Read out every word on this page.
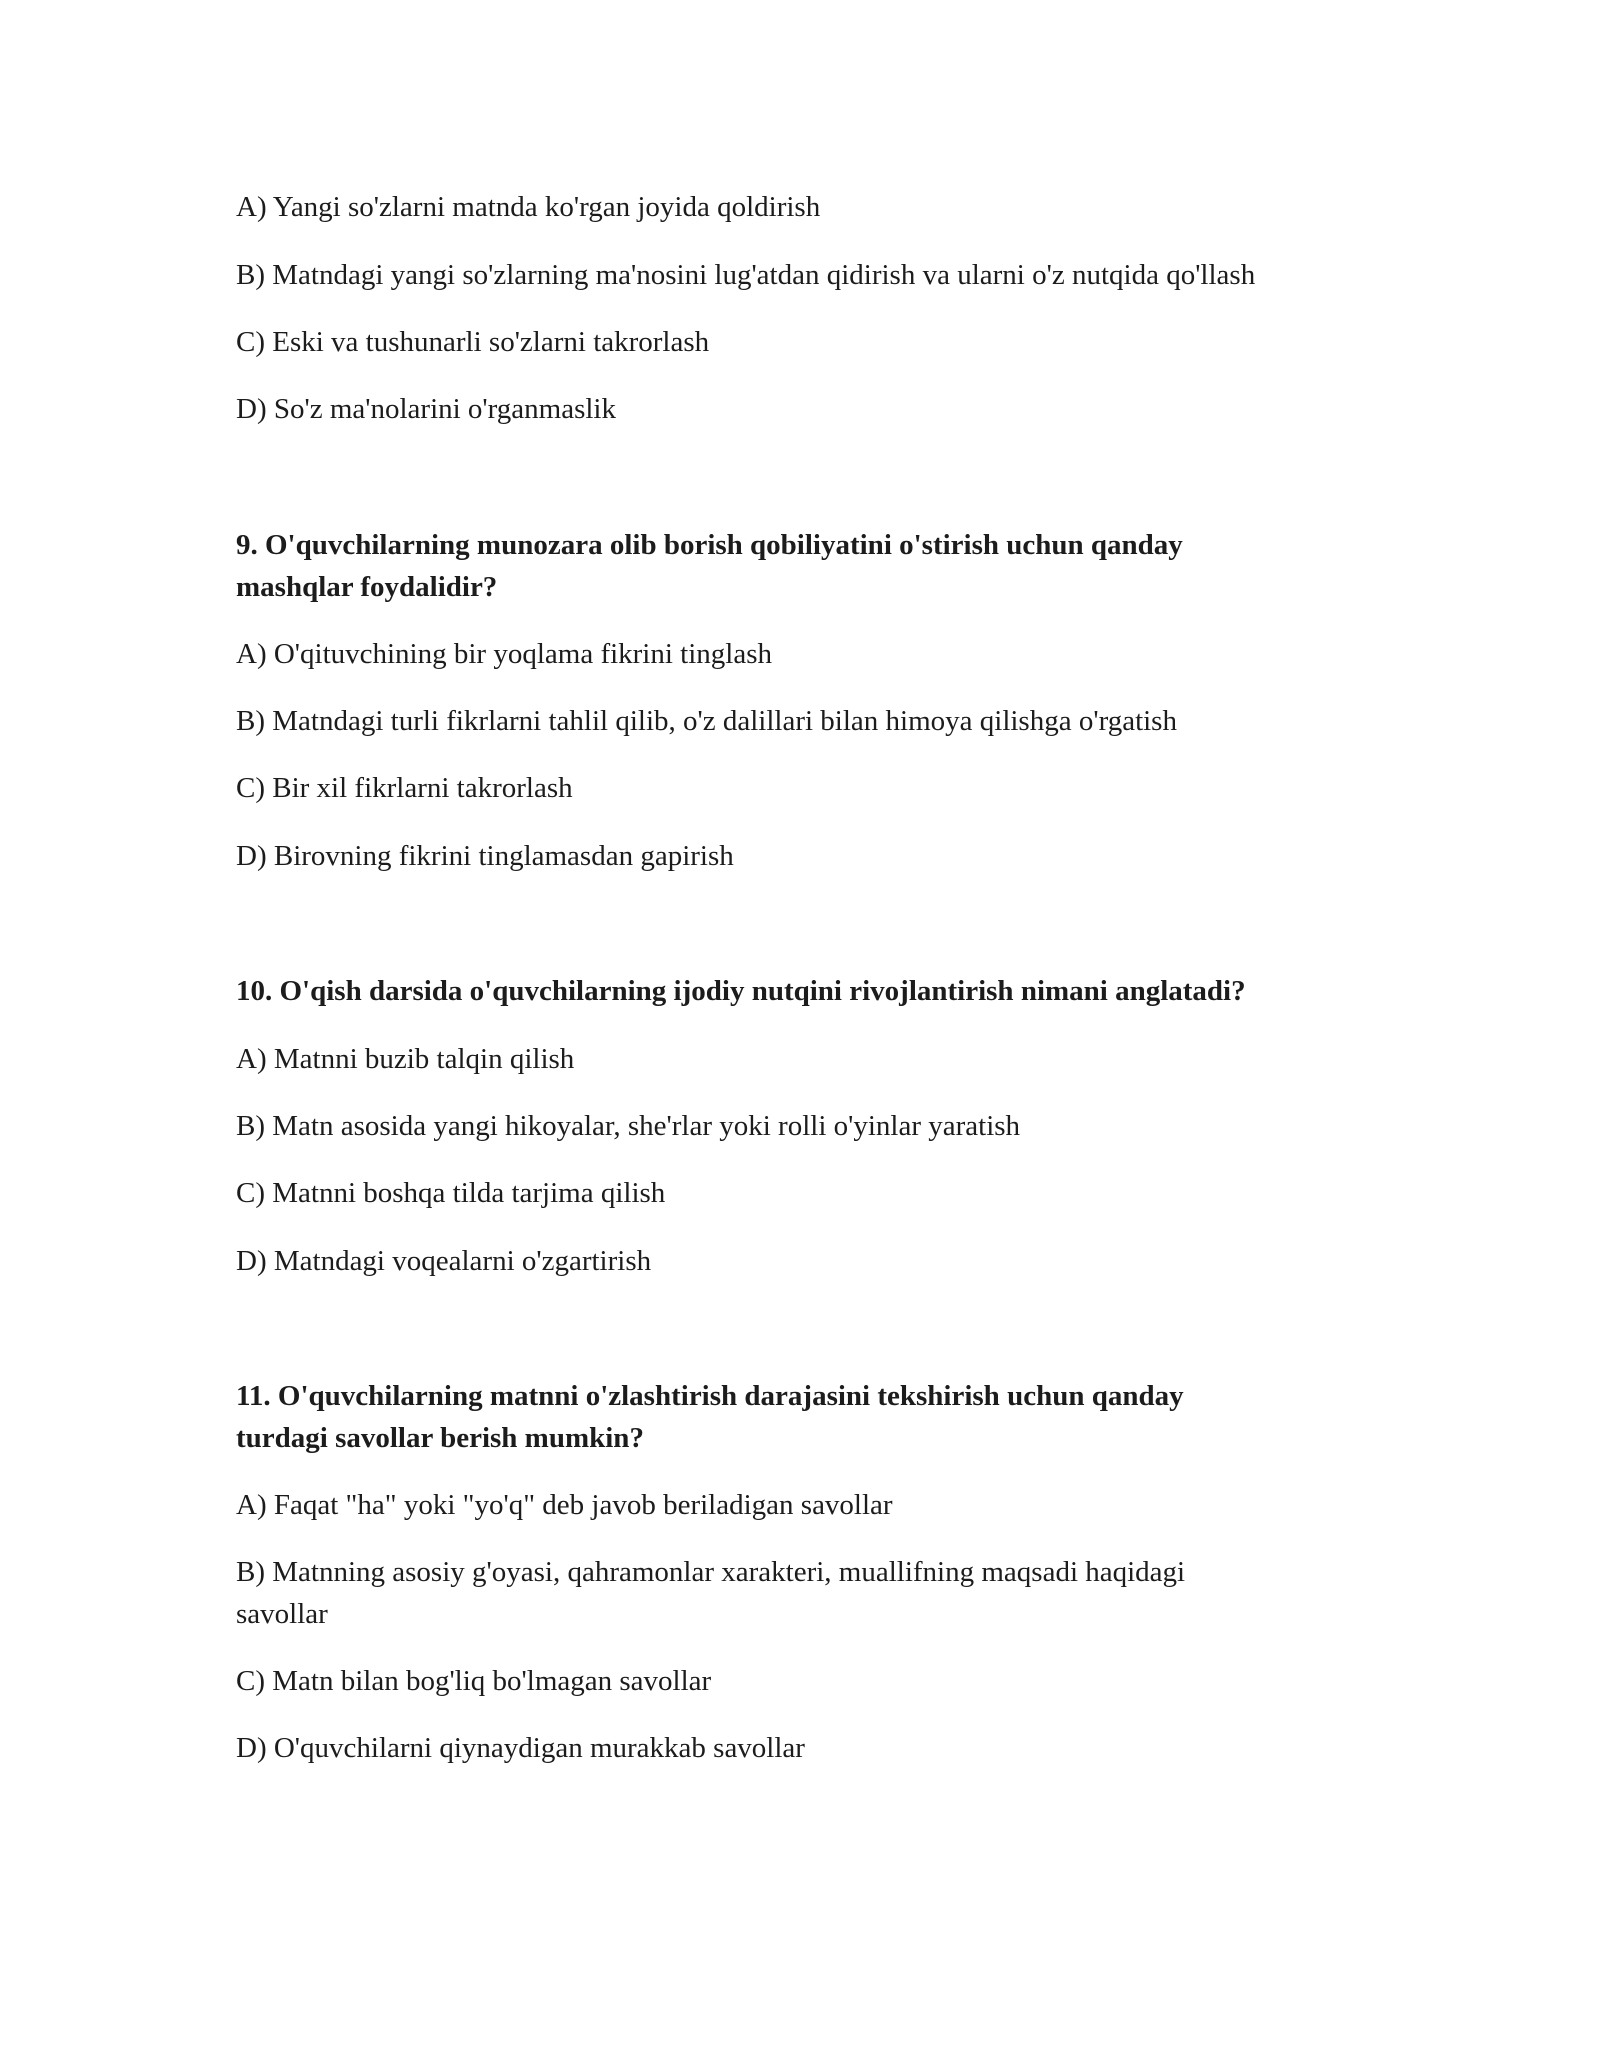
A) Yangi so'zlarni matnda ko'rgan joyida qoldirish
B) Matndagi yangi so'zlarning ma'nosini lug'atdan qidirish va ularni o'z nutqida qo'llash
C) Eski va tushunarli so'zlarni takrorlash
D) So'z ma'nolarini o'rganmaslik
9. O'quvchilarning munozara olib borish qobiliyatini o'stirish uchun qanday
mashqlar foydalidir?
A) O'qituvchining bir yoqlama fikrini tinglash
B) Matndagi turli fikrlarni tahlil qilib, o'z dalillari bilan himoya qilishga o'rgatish
C) Bir xil fikrlarni takrorlash
D) Birovning fikrini tinglamasdan gapirish
10. O'qish darsida o'quvchilarning ijodiy nutqini rivojlantirish nimani anglatadi?
A) Matnni buzib talqin qilish
B) Matn asosida yangi hikoyalar, she'rlar yoki rolli o'yinlar yaratish
C) Matnni boshqa tilda tarjima qilish
D) Matndagi voqealarni o'zgartirish
11. O'quvchilarning matnni o'zlashtirish darajasini tekshirish uchun qanday
turdagi savollar berish mumkin?
A) Faqat "ha" yoki "yo'q" deb javob beriladigan savollar
B) Matnning asosiy g'oyasi, qahramonlar xarakteri, muallifning maqsadi haqidagi
savollar
C) Matn bilan bog'liq bo'lmagan savollar
D) O'quvchilarni qiynaydigan murakkab savollar
